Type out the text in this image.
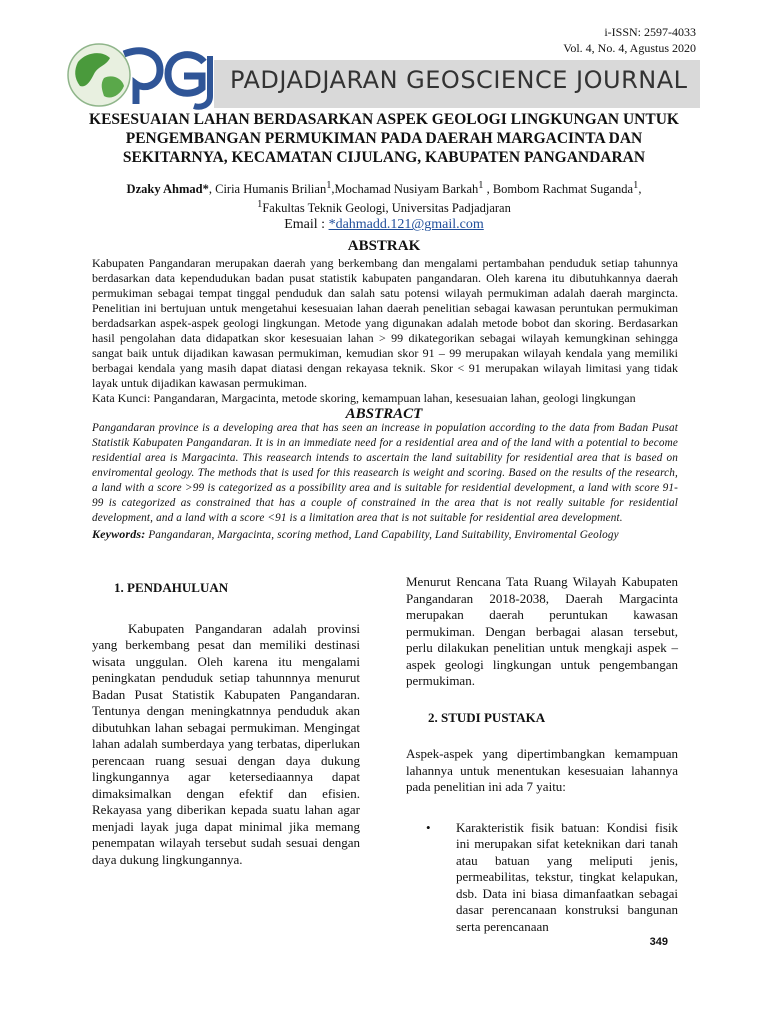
i-ISSN: 2597-4033
Vol. 4, No. 4, Agustus 2020
PADJADJARAN GEOSCIENCE JOURNAL
KESESUAIAN LAHAN BERDASARKAN ASPEK GEOLOGI LINGKUNGAN UNTUK
PENGEMBANGAN PERMUKIMAN PADA DAERAH MARGACINTA DAN
SEKITARNYA, KECAMATAN CIJULANG, KABUPATEN PANGANDARAN
Dzaky Ahmad*, Ciria Humanis Brilian$^1$,Mochamad Nusiyam Barkah$^1$ , Bombom Rachmat Suganda$^1$,
$^1$Fakultas Teknik Geologi, Universitas Padjadjaran
Email : *dahmadd.121@gmail.com
ABSTRAK
Kabupaten Pangandaran merupakan daerah yang berkembang dan mengalami pertambahan penduduk setiap tahunnya berdasarkan data kependudukan badan pusat statistik kabupaten pangandaran. Oleh karena itu dibutuhkannya daerah permukiman sebagai tempat tinggal penduduk dan salah satu potensi wilayah permukiman adalah daerah margincta. Penelitian ini bertujuan untuk mengetahui kesesuaian lahan daerah penelitian sebagai kawasan peruntukan permukiman berdadsarkan aspek-aspek geologi lingkungan. Metode yang digunakan adalah metode bobot dan skoring. Berdasarkan hasil pengolahan data didapatkan skor kesesuaian lahan > 99 dikategorikan sebagai wilayah kemungkinan sehingga sangat baik untuk dijadikan kawasan permukiman, kemudian skor 91 – 99 merupakan wilayah kendala yang memiliki berbagai kendala yang masih dapat diatasi dengan rekayasa teknik. Skor < 91 merupakan wilayah limitasi yang tidak layak untuk dijadikan kawasan permukiman.
Kata Kunci: Pangandaran, Margacinta, metode skoring, kemampuan lahan, kesesuaian lahan, geologi lingkungan
ABSTRACT
Pangandaran province is a developing area that has seen an increase in population according to the data from Badan Pusat Statistik Kabupaten Pangandaran. It is in an immediate need for a residential area and of the land with a potential to become residential area is Margacinta. This reasearch intends to ascertain the land suitability for residential area that is based on enviromental geology. The methods that is used for this reasearch is weight and scoring. Based on the results of the research, a land with a score >99 is categorized as a possibility area and is suitable for residential development, a land with score 91-99 is categorized as constrained that has a couple of constrained in the area that is not really suitable for residential development, and a land with a score <91 is a limitation area that is not suitable for residential area development.
Keywords: Pangandaran, Margacinta, scoring method, Land Capability, Land Suitability, Enviromental Geology
1. PENDAHULUAN

Kabupaten Pangandaran adalah provinsi yang berkembang pesat dan memiliki destinasi wisata unggulan. Oleh karena itu mengalami peningkatan penduduk setiap tahunnnya menurut Badan Pusat Statistik Kabupaten Pangandaran. Tentunya dengan meningkatnnya penduduk akan dibutuhkan lahan sebagai permukiman. Mengingat lahan adalah sumberdaya yang terbatas, diperlukan perencaan ruang sesuai dengan daya dukung lingkungannya agar ketersediaannya dapat dimaksimalkan dengan efektif dan efisien. Rekayasa yang diberikan kepada suatu lahan agar menjadi layak juga dapat minimal jika memang penempatan wilayah tersebut sudah sesuai dengan daya dukung lingkungannya.

Menurut Rencana Tata Ruang Wilayah Kabupaten Pangandaran 2018-2038, Daerah Margacinta merupakan daerah peruntukan kawasan permukiman. Dengan berbagai alasan tersebut, perlu dilakukan penelitian untuk mengkaji aspek – aspek geologi lingkungan untuk pengembangan permukiman.

2. STUDI PUSTAKA

Aspek-aspek yang dipertimbangkan kemampuan lahannya untuk menentukan kesesuaian lahannya pada penelitian ini ada 7 yaitu:

•	Karakteristik fisik batuan: Kondisi fisik ini merupakan sifat keteknikan dari tanah atau batuan yang meliputi jenis, permeabilitas, tekstur, tingkat kelapukan, dsb. Data ini biasa dimanfaatkan sebagai dasar perencanaan konstruksi bangunan serta perencanaan
349
